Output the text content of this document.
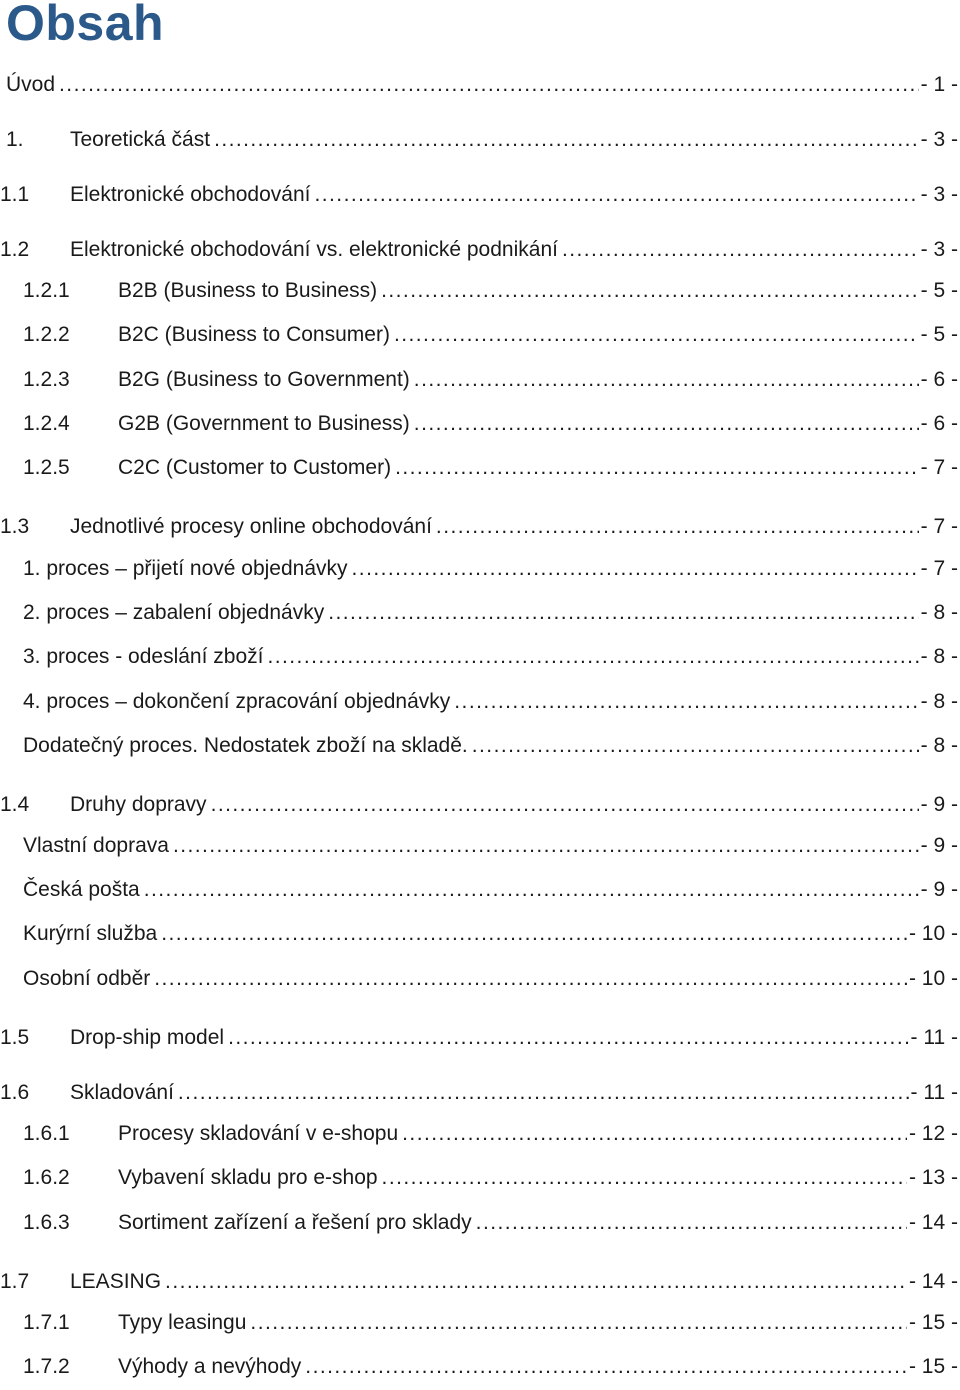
Obsah
Úvod . . .	- 1 -
1.	Teoretická část . . .	- 3 -
1.1	Elektronické obchodování . . .	- 3 -
1.2	Elektronické obchodování vs. elektronické podnikání . . .	- 3 -
1.2.1	B2B (Business to Business) . . .	- 5 -
1.2.2	B2C (Business to Consumer) . . .	- 5 -
1.2.3	B2G (Business to Government) . . .	- 6 -
1.2.4	G2B (Government to Business) . . .	- 6 -
1.2.5	C2C (Customer to Customer) . . .	- 7 -
1.3	Jednotlivé procesy online obchodování . . .	- 7 -
1. proces – přijetí nové objednávky . . .	- 7 -
2. proces – zabalení objednávky . . .	- 8 -
3. proces - odeslání zboží . . .	- 8 -
4. proces – dokončení zpracování objednávky . . .	- 8 -
Dodatečný proces. Nedostatek zboží na skladě. . . .	- 8 -
1.4	Druhy dopravy . . .	- 9 -
Vlastní doprava . . .	- 9 -
Česká pošta . . .	- 9 -
Kurýrní služba . . .	- 10 -
Osobní odběr . . .	- 10 -
1.5	Drop-ship model . . .	- 11 -
1.6	Skladování . . .	- 11 -
1.6.1	Procesy skladování v e-shopu . . .	- 12 -
1.6.2	Vybavení skladu pro e-shop . . .	- 13 -
1.6.3	Sortiment zařízení a řešení pro sklady . . .	- 14 -
1.7	LEASING . . .	- 14 -
1.7.1	Typy leasingu . . .	- 15 -
1.7.2	Výhody a nevýhody . . .	- 15 -
